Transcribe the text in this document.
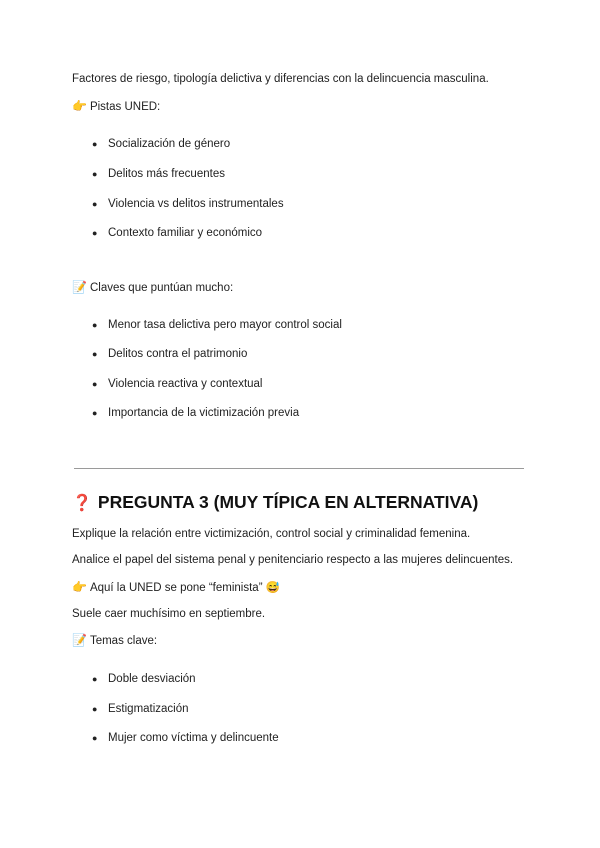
Factores de riesgo, tipología delictiva y diferencias con la delincuencia masculina.

👉 Pistas UNED:

● Socialización de género
● Delitos más frecuentes
● Violencia vs delitos instrumentales
● Contexto familiar y económico

📝 Claves que puntúan mucho:

● Menor tasa delictiva pero mayor control social
● Delitos contra el patrimonio
● Violencia reactiva y contextual
● Importancia de la victimización previa
❓ PREGUNTA 3 (MUY TÍPICA EN ALTERNATIVA)

Explique la relación entre victimización, control social y criminalidad femenina.

Analice el papel del sistema penal y penitenciario respecto a las mujeres delincuentes.

👉 Aquí la UNED se pone “feminista” 😅

Suele caer muchísimo en septiembre.

📝 Temas clave:

● Doble desviación
● Estigmatización
● Mujer como víctima y delincuente
